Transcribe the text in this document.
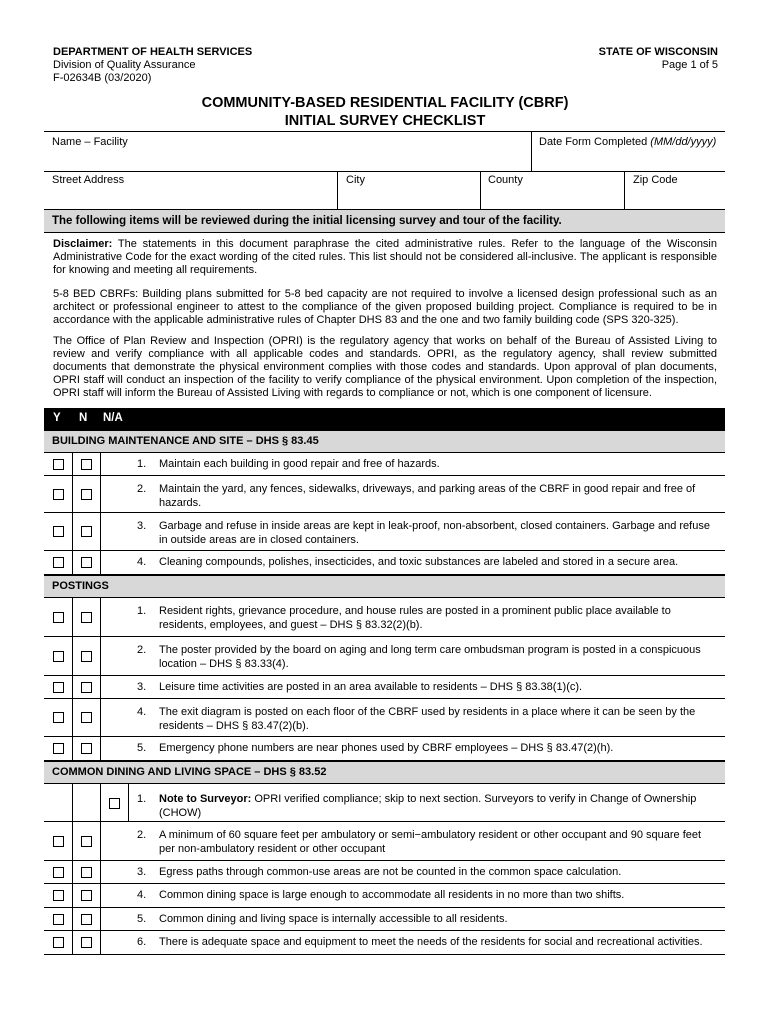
DEPARTMENT OF HEALTH SERVICES
Division of Quality Assurance
F-02634B (03/2020)
STATE OF WISCONSIN
Page 1 of 5
COMMUNITY-BASED RESIDENTIAL FACILITY (CBRF)
INITIAL SURVEY CHECKLIST
Name – Facility	Date Form Completed (MM/dd/yyyy)
Street Address	City	County	Zip Code
The following items will be reviewed during the initial licensing survey and tour of the facility.
Disclaimer: The statements in this document paraphrase the cited administrative rules. Refer to the language of the Wisconsin Administrative Code for the exact wording of the cited rules. This list should not be considered all-inclusive. The applicant is responsible for knowing and meeting all requirements.
5-8 BED CBRFs: Building plans submitted for 5-8 bed capacity are not required to involve a licensed design professional such as an architect or professional engineer to attest to the compliance of the given proposed building project. Compliance is required to be in accordance with the applicable administrative rules of Chapter DHS 83 and the one and two family building code (SPS 320-325).
The Office of Plan Review and Inspection (OPRI) is the regulatory agency that works on behalf of the Bureau of Assisted Living to review and verify compliance with all applicable codes and standards. OPRI, as the regulatory agency, shall review submitted documents that demonstrate the physical environment complies with those codes and standards. Upon approval of plan documents, OPRI staff will conduct an inspection of the facility to verify compliance of the physical environment. Upon completion of the inspection, OPRI staff will inform the Bureau of Assisted Living with regards to compliance or not, which is one component of licensure.
Y N N/A
BUILDING MAINTENANCE AND SITE – DHS § 83.45
1. Maintain each building in good repair and free of hazards.
2. Maintain the yard, any fences, sidewalks, driveways, and parking areas of the CBRF in good repair and free of hazards.
3. Garbage and refuse in inside areas are kept in leak-proof, non-absorbent, closed containers. Garbage and refuse in outside areas are in closed containers.
4. Cleaning compounds, polishes, insecticides, and toxic substances are labeled and stored in a secure area.
POSTINGS
1. Resident rights, grievance procedure, and house rules are posted in a prominent public place available to residents, employees, and guest – DHS § 83.32(2)(b).
2. The poster provided by the board on aging and long term care ombudsman program is posted in a conspicuous location – DHS § 83.33(4).
3. Leisure time activities are posted in an area available to residents – DHS § 83.38(1)(c).
4. The exit diagram is posted on each floor of the CBRF used by residents in a place where it can be seen by the residents – DHS § 83.47(2)(b).
5. Emergency phone numbers are near phones used by CBRF employees – DHS § 83.47(2)(h).
COMMON DINING AND LIVING SPACE – DHS § 83.52
1. Note to Surveyor: OPRI verified compliance; skip to next section. Surveyors to verify in Change of Ownership (CHOW)
2. A minimum of 60 square feet per ambulatory or semi−ambulatory resident or other occupant and 90 square feet per non-ambulatory resident or other occupant
3. Egress paths through common-use areas are not be counted in the common space calculation.
4. Common dining space is large enough to accommodate all residents in no more than two shifts.
5. Common dining and living space is internally accessible to all residents.
6. There is adequate space and equipment to meet the needs of the residents for social and recreational activities.
